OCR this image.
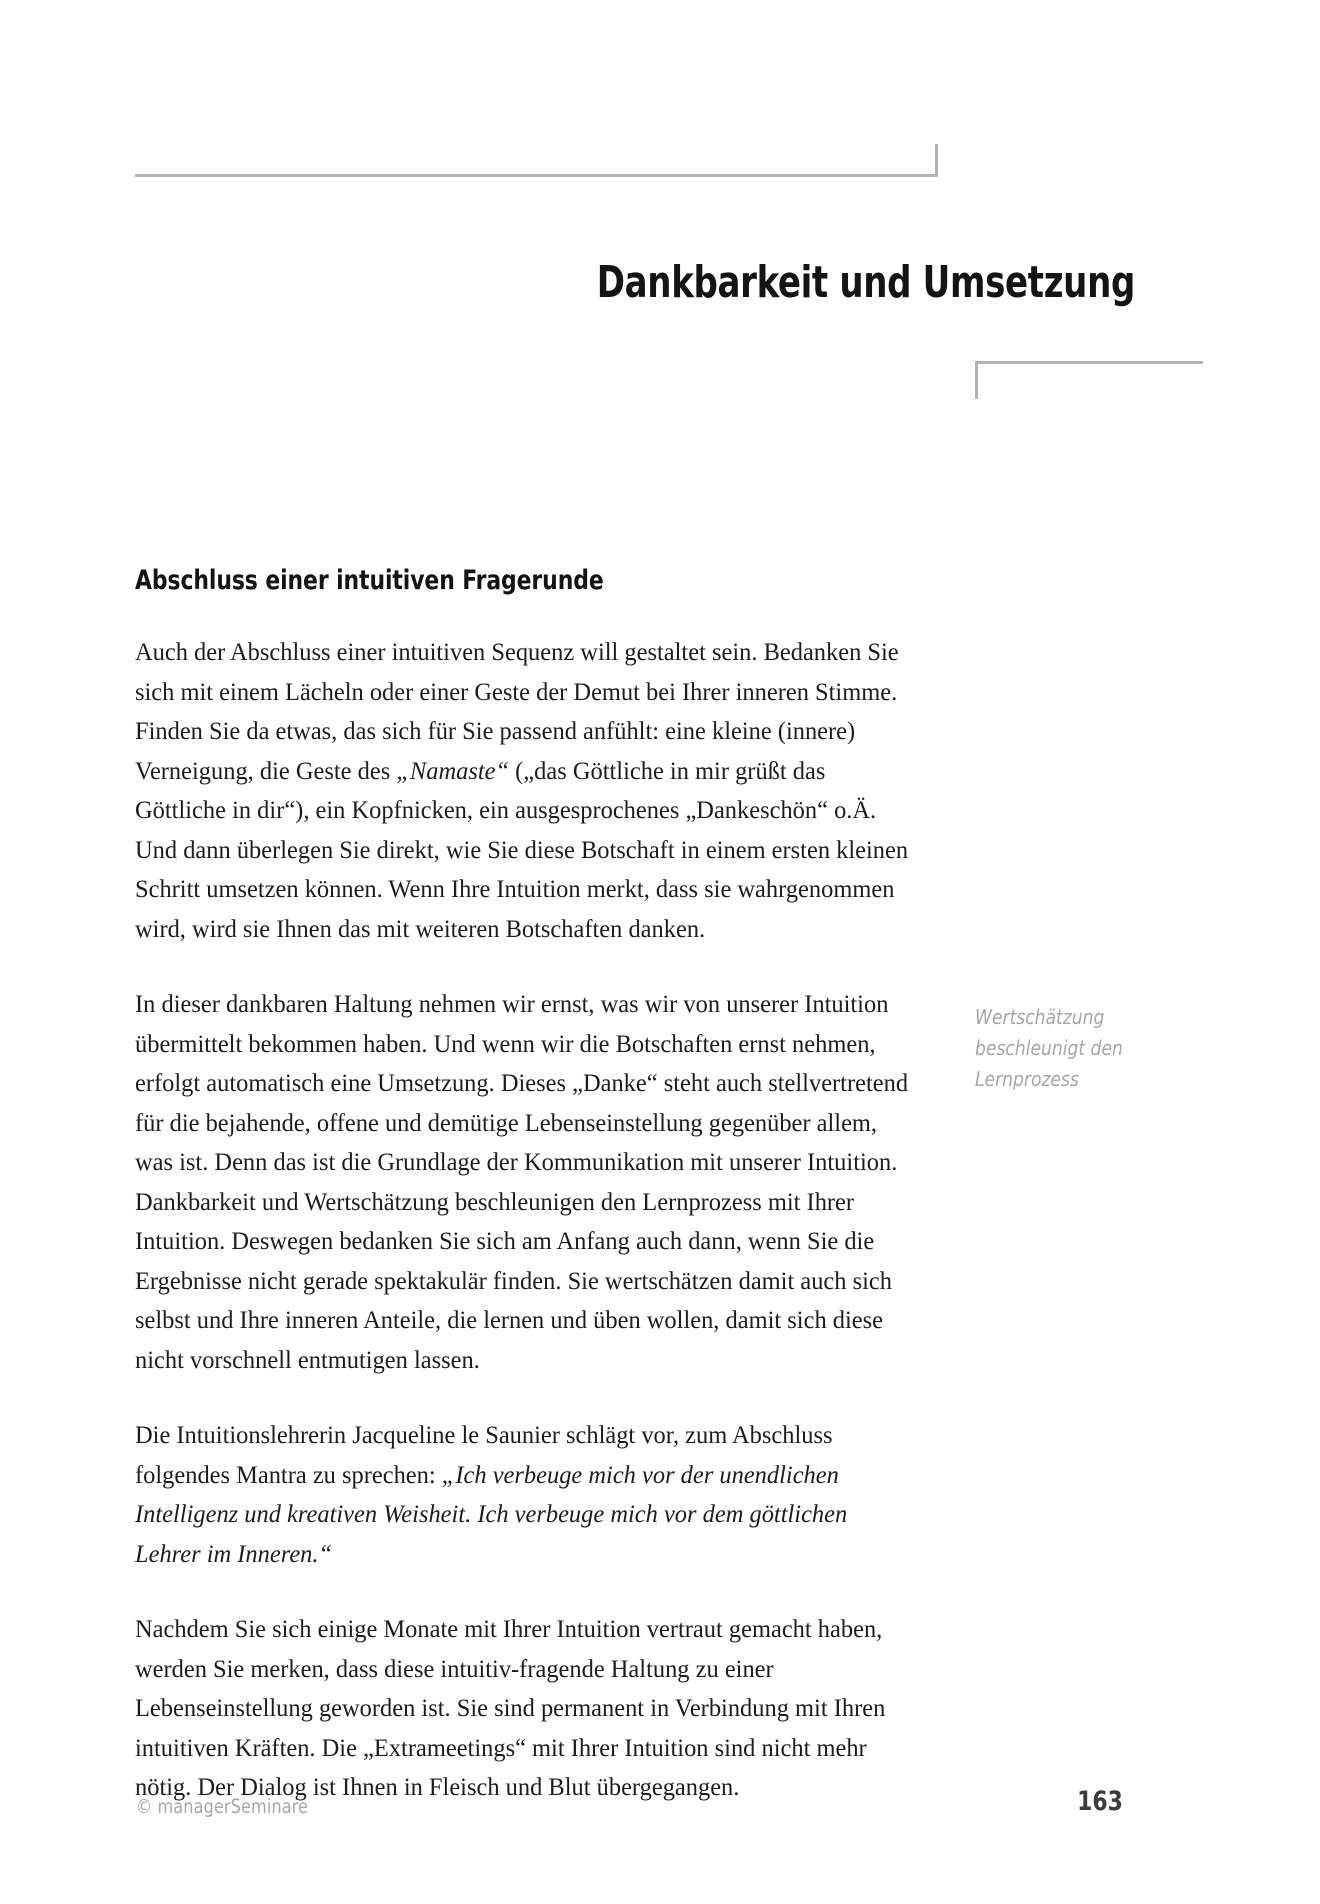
Dankbarkeit und Umsetzung
Abschluss einer intuitiven Fragerunde

Auch der Abschluss einer intuitiven Sequenz will gestaltet sein. Bedanken Sie sich mit einem Lächeln oder einer Geste der Demut bei Ihrer inneren Stimme. Finden Sie da etwas, das sich für Sie passend anfühlt: eine kleine (innere) Verneigung, die Geste des „Namaste“ („das Göttliche in mir grüßt das Göttliche in dir“), ein Kopfnicken, ein ausgesprochenes „Dankeschön“ o.Ä. Und dann überlegen Sie direkt, wie Sie diese Botschaft in einem ersten kleinen Schritt umsetzen können. Wenn Ihre Intuition merkt, dass sie wahrgenommen wird, wird sie Ihnen das mit weiteren Botschaften danken.

In dieser dankbaren Haltung nehmen wir ernst, was wir von unserer Intuition übermittelt bekommen haben. Und wenn wir die Botschaften ernst nehmen, erfolgt automatisch eine Umsetzung. Dieses „Danke“ steht auch stellvertretend für die bejahende, offene und demütige Lebenseinstellung gegenüber allem, was ist. Denn das ist die Grundlage der Kommunikation mit unserer Intuition. Dankbarkeit und Wertschätzung beschleunigen den Lernprozess mit Ihrer Intuition. Deswegen bedanken Sie sich am Anfang auch dann, wenn Sie die Ergebnisse nicht gerade spektakulär finden. Sie wertschätzen damit auch sich selbst und Ihre inneren Anteile, die lernen und üben wollen, damit sich diese nicht vorschnell entmutigen lassen.

Die Intuitionslehrerin Jacqueline le Saunier schlägt vor, zum Abschluss folgendes Mantra zu sprechen: „Ich verbeuge mich vor der unendlichen Intelligenz und kreativen Weisheit. Ich verbeuge mich vor dem göttlichen Lehrer im Inneren.“

Nachdem Sie sich einige Monate mit Ihrer Intuition vertraut gemacht haben, werden Sie merken, dass diese intuitiv-fragende Haltung zu einer Lebenseinstellung geworden ist. Sie sind permanent in Verbindung mit Ihren intuitiven Kräften. Die „Extrameetings“ mit Ihrer Intuition sind nicht mehr nötig. Der Dialog ist Ihnen in Fleisch und Blut übergegangen.

Wertschätzung beschleunigt den Lernprozess
© managerSeminare	163
